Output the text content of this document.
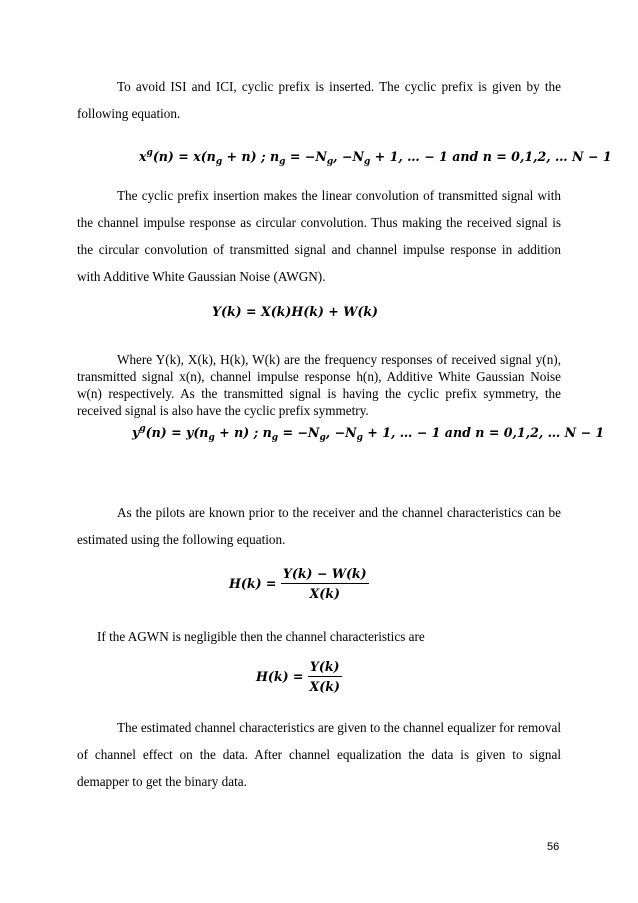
To avoid ISI and ICI, cyclic prefix is inserted. The cyclic prefix is given by the following equation.

$x^g(n) = x(n_g + n)$ ; $n_g = -N_g$, $-N_g + 1$, … − 1 and n = 0,1,2, … N − 1

The cyclic prefix insertion makes the linear convolution of transmitted signal with the channel impulse response as circular convolution. Thus making the received signal is the circular convolution of transmitted signal and channel impulse response in addition with Additive White Gaussian Noise (AWGN).

Y(k) = X(k)H(k) + W(k)

Where Y(k), X(k), H(k), W(k) are the frequency responses of received signal y(n), transmitted signal x(n), channel impulse response h(n), Additive White Gaussian Noise w(n) respectively. As the transmitted signal is having the cyclic prefix symmetry, the received signal is also have the cyclic prefix symmetry.

$y^g(n) = y(n_g + n)$ ; $n_g = -N_g$, $-N_g + 1$, … − 1 and n = 0,1,2, … N − 1

As the pilots are known prior to the receiver and the channel characteristics can be estimated using the following equation.

$H(k) = \frac{Y(k) - W(k)}{X(k)}$

If the AGWN is negligible then the channel characteristics are

$H(k) = \frac{Y(k)}{X(k)}$

The estimated channel characteristics are given to the channel equalizer for removal of channel effect on the data. After channel equalization the data is given to signal demapper to get the binary data.

56
